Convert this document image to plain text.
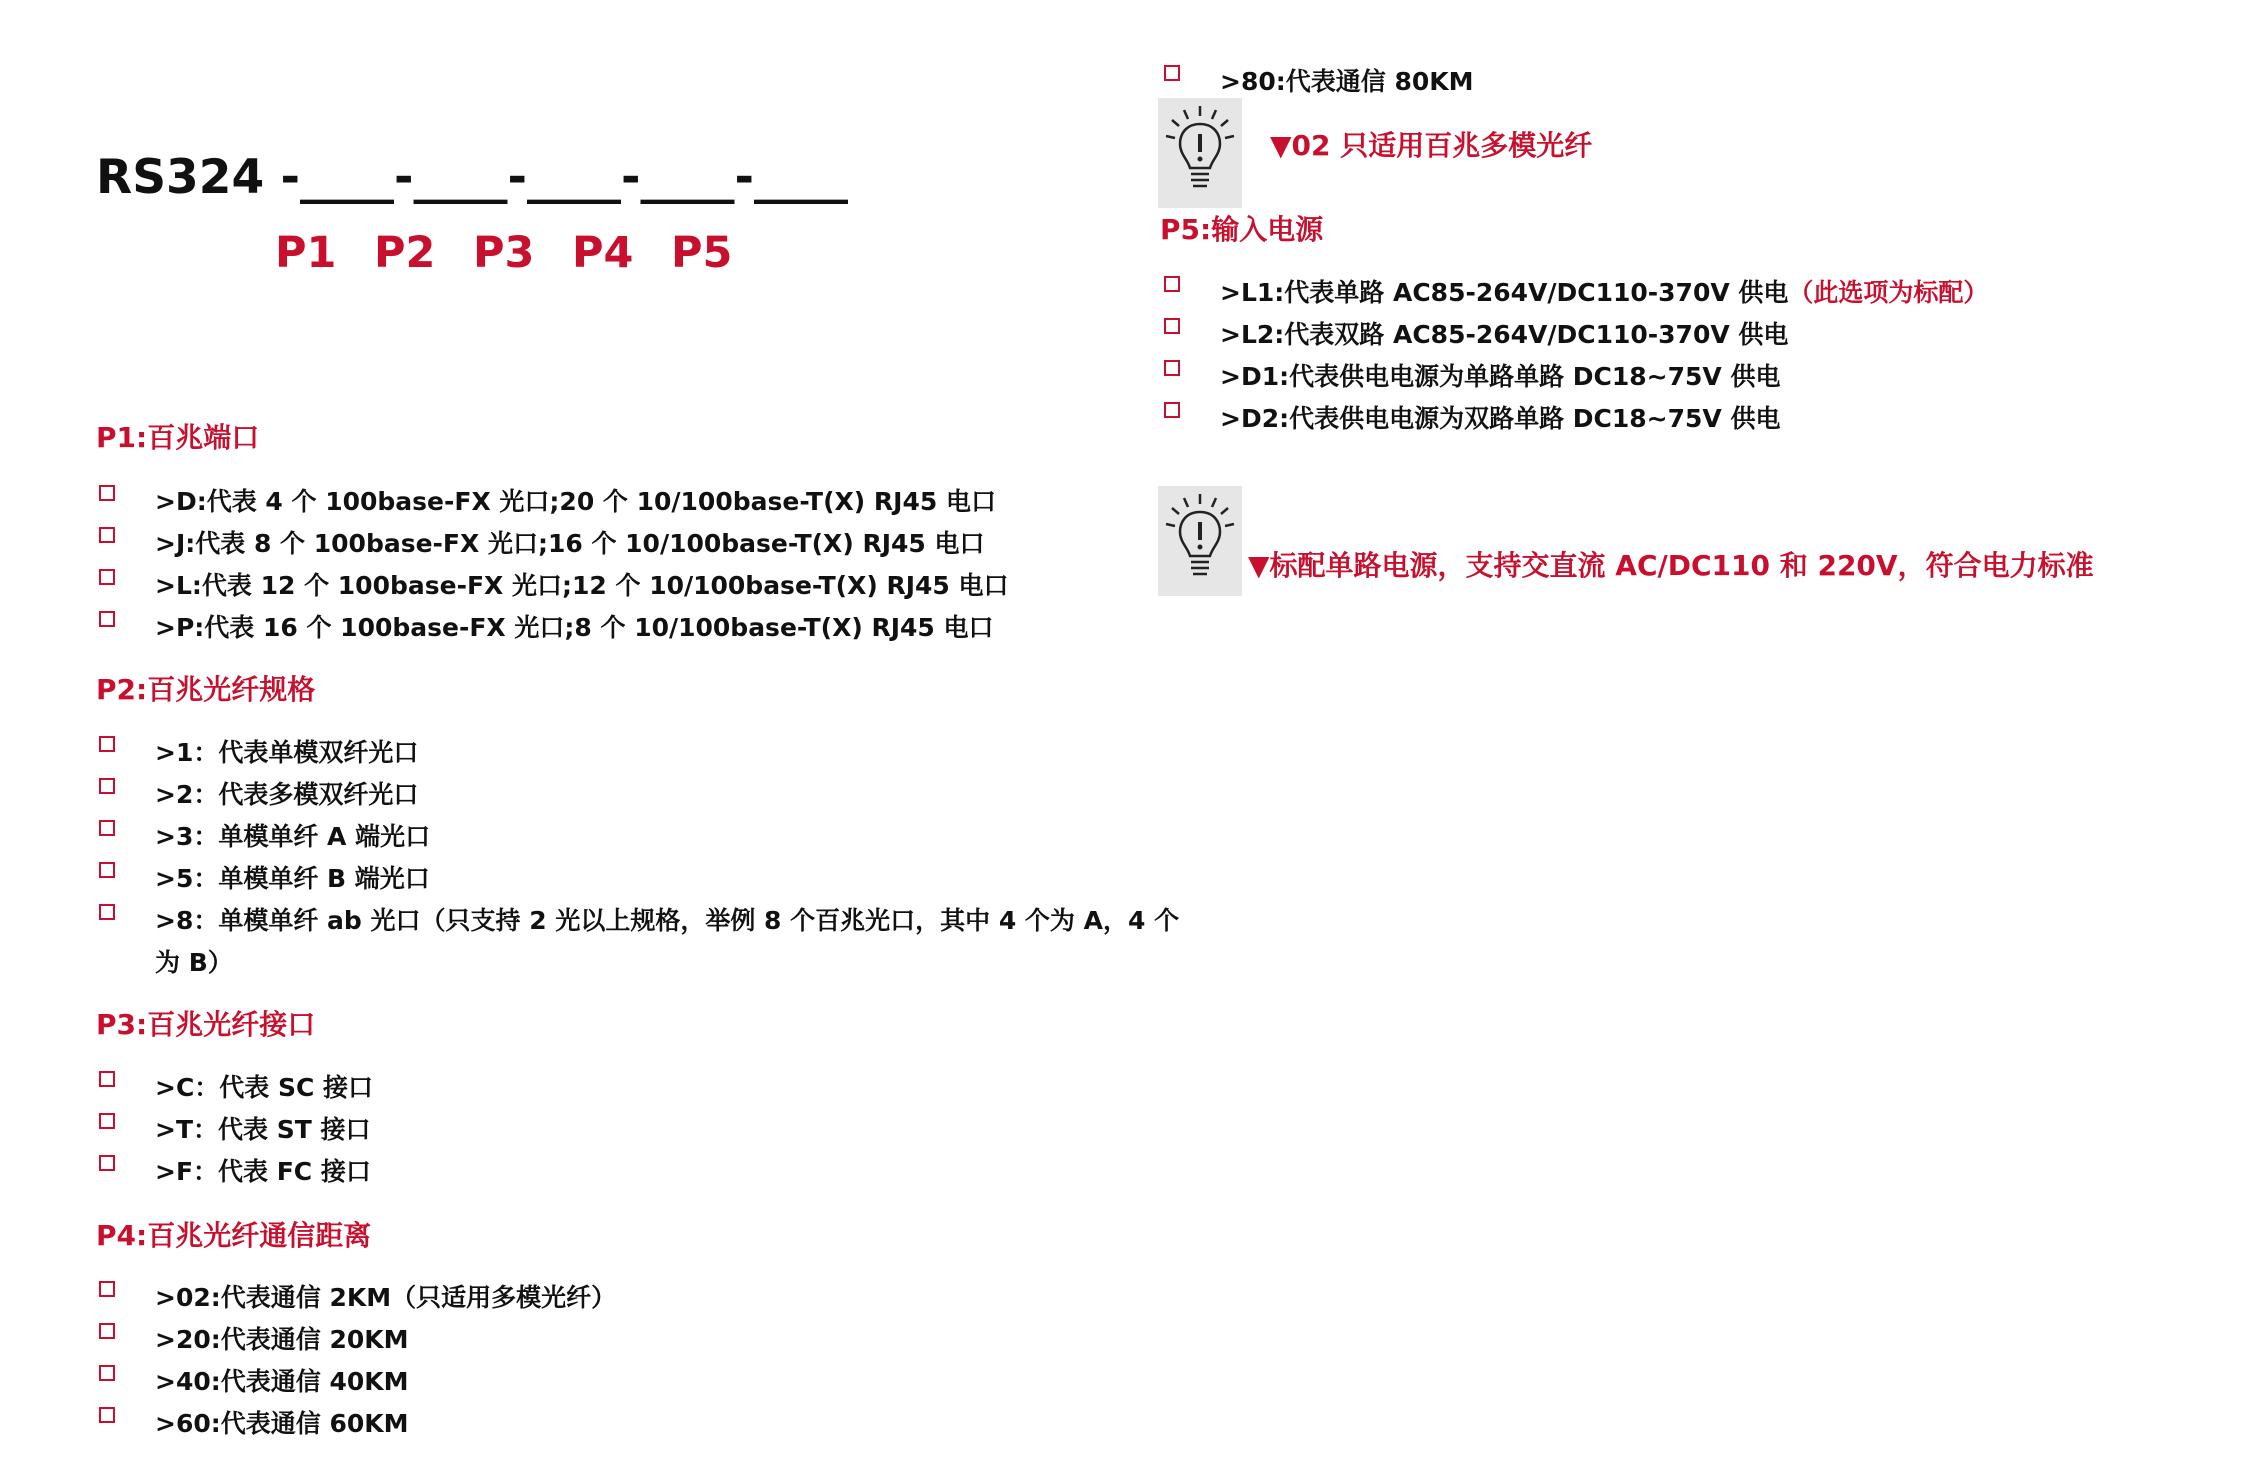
RS324 -____-____-____-____-____
P1 P2 P3 P4 P5
P1:百兆端口
>D:代表 4 个 100base-FX 光口;20 个 10/100base-T(X) RJ45 电口
>J:代表 8 个 100base-FX 光口;16 个 10/100base-T(X) RJ45 电口
>L:代表 12 个 100base-FX 光口;12 个 10/100base-T(X) RJ45 电口
>P:代表 16 个 100base-FX 光口;8 个 10/100base-T(X) RJ45 电口
P2:百兆光纤规格
>1：代表单模双纤光口
>2：代表多模双纤光口
>3：单模单纤 A 端光口
>5：单模单纤 B 端光口
>8：单模单纤 ab 光口（只支持 2 光以上规格，举例 8 个百兆光口，其中 4 个为 A，4 个
为 B）
P3:百兆光纤接口
>C：代表 SC 接口
>T：代表 ST 接口
>F：代表 FC 接口
P4:百兆光纤通信距离
>02:代表通信 2KM（只适用多模光纤）
>20:代表通信 20KM
>40:代表通信 40KM
>60:代表通信 60KM
>80:代表通信 80KM
▼02 只适用百兆多模光纤
P5:输入电源
>L1:代表单路 AC85-264V/DC110-370V 供电（此选项为标配）
>L2:代表双路 AC85-264V/DC110-370V 供电
>D1:代表供电电源为单路单路 DC18~75V 供电
>D2:代表供电电源为双路单路 DC18~75V 供电
▼标配单路电源，支持交直流 AC/DC110 和 220V，符合电力标准
